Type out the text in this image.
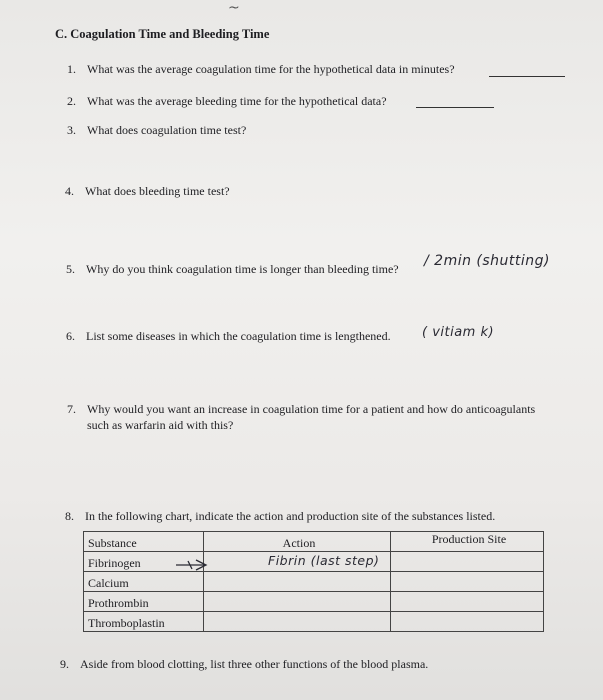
~
C. Coagulation Time and Bleeding Time
1. What was the average coagulation time for the hypothetical data in minutes?
2. What was the average bleeding time for the hypothetical data?
3. What does coagulation time test?
4. What does bleeding time test?
5. Why do you think coagulation time is longer than bleeding time? / 2min (shutting)
6. List some diseases in which the coagulation time is lengthened. ( vitiam k)
7. Why would you want an increase in coagulation time for a patient and how do anticoagulants
such as warfarin aid with this?
8. In the following chart, indicate the action and production site of the substances listed.
Substance	Action	Production Site
Fibrinogen	Fibrin (last step)	
Calcium		
Prothrombin		
Thromboplastin		
9. Aside from blood clotting, list three other functions of the blood plasma.
